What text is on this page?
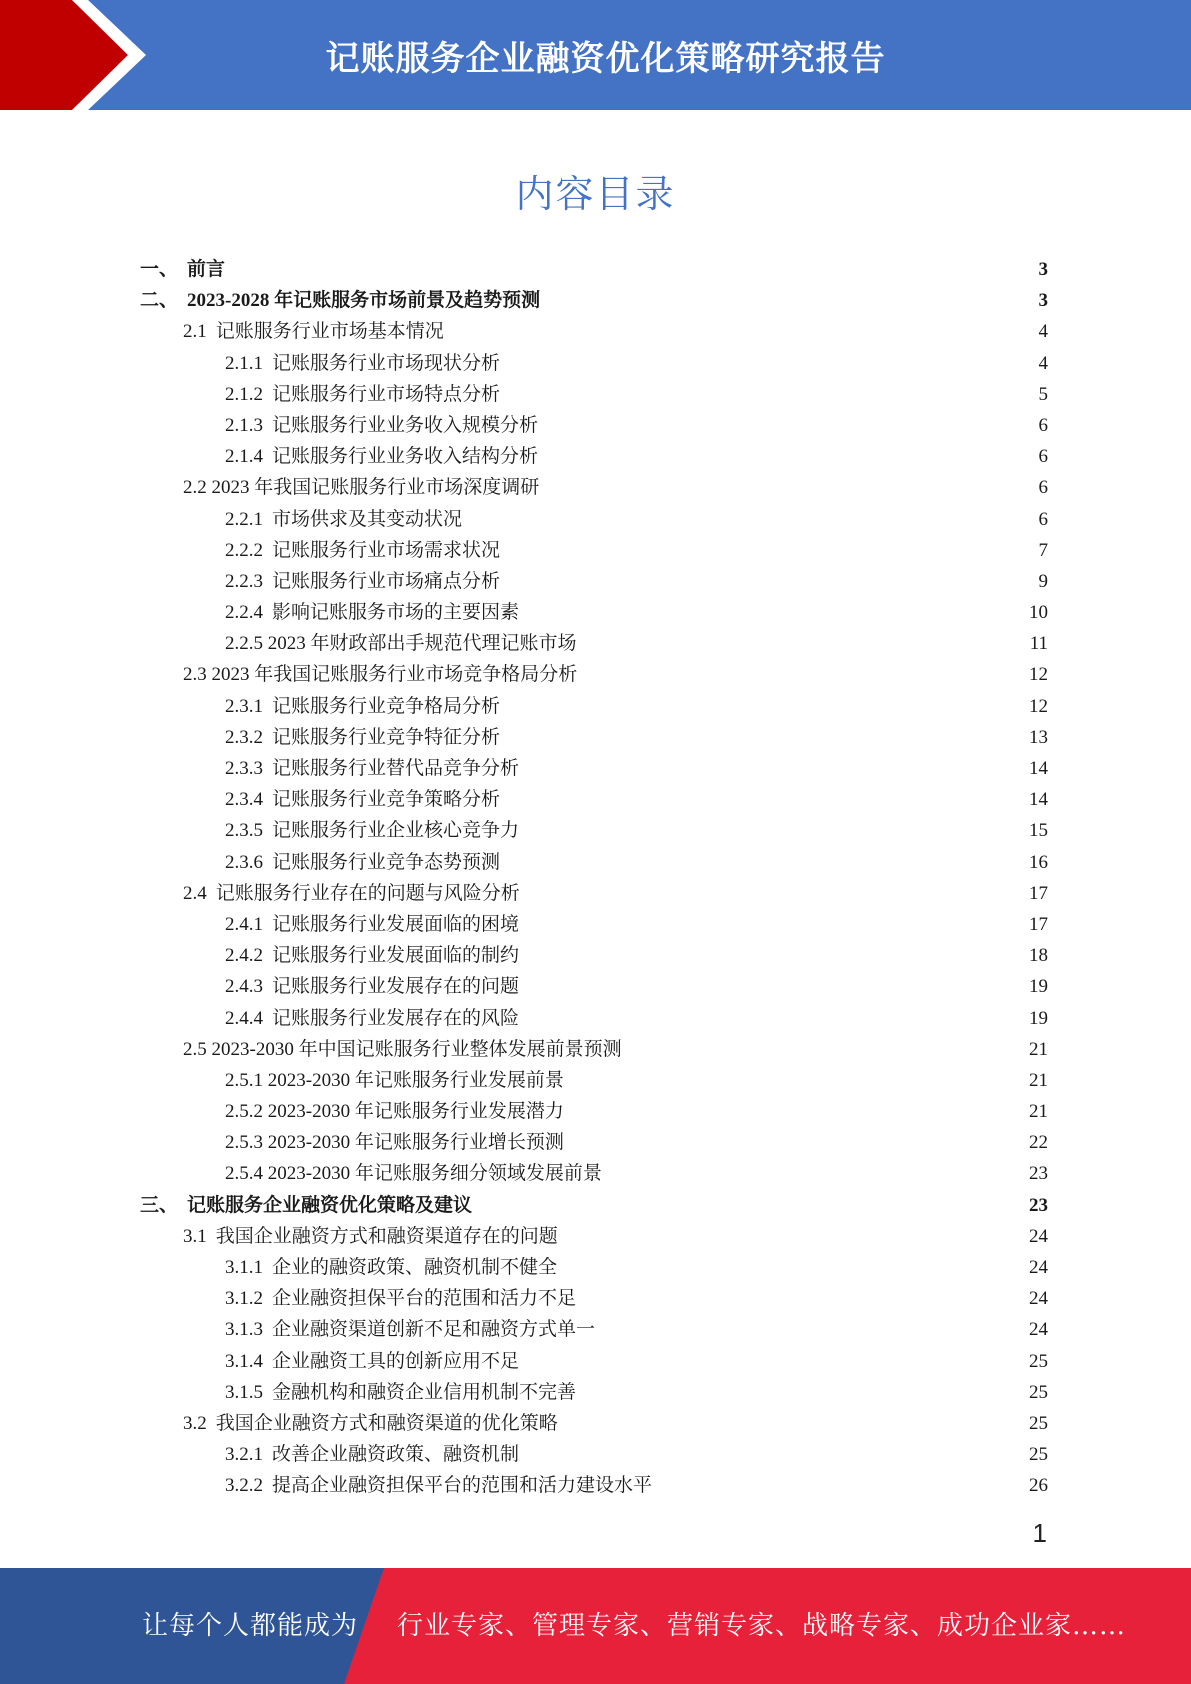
记账服务企业融资优化策略研究报告
内容目录
一、 前言	3
二、 2023-2028 年记账服务市场前景及趋势预测	3
2.1 记账服务行业市场基本情况	4
2.1.1 记账服务行业市场现状分析	4
2.1.2 记账服务行业市场特点分析	5
2.1.3 记账服务行业业务收入规模分析	6
2.1.4 记账服务行业业务收入结构分析	6
2.2 2023 年我国记账服务行业市场深度调研	6
2.2.1 市场供求及其变动状况	6
2.2.2 记账服务行业市场需求状况	7
2.2.3 记账服务行业市场痛点分析	9
2.2.4 影响记账服务市场的主要因素	10
2.2.5 2023 年财政部出手规范代理记账市场	11
2.3 2023 年我国记账服务行业市场竞争格局分析	12
2.3.1 记账服务行业竞争格局分析	12
2.3.2 记账服务行业竞争特征分析	13
2.3.3 记账服务行业替代品竞争分析	14
2.3.4 记账服务行业竞争策略分析	14
2.3.5 记账服务行业企业核心竞争力	15
2.3.6 记账服务行业竞争态势预测	16
2.4 记账服务行业存在的问题与风险分析	17
2.4.1 记账服务行业发展面临的困境	17
2.4.2 记账服务行业发展面临的制约	18
2.4.3 记账服务行业发展存在的问题	19
2.4.4 记账服务行业发展存在的风险	19
2.5 2023-2030 年中国记账服务行业整体发展前景预测	21
2.5.1 2023-2030 年记账服务行业发展前景	21
2.5.2 2023-2030 年记账服务行业发展潜力	21
2.5.3 2023-2030 年记账服务行业增长预测	22
2.5.4 2023-2030 年记账服务细分领域发展前景	23
三、 记账服务企业融资优化策略及建议	23
3.1 我国企业融资方式和融资渠道存在的问题	24
3.1.1 企业的融资政策、融资机制不健全	24
3.1.2 企业融资担保平台的范围和活力不足	24
3.1.3 企业融资渠道创新不足和融资方式单一	24
3.1.4 企业融资工具的创新应用不足	25
3.1.5 金融机构和融资企业信用机制不完善	25
3.2 我国企业融资方式和融资渠道的优化策略	25
3.2.1 改善企业融资政策、融资机制	25
3.2.2 提高企业融资担保平台的范围和活力建设水平	26
1
让每个人都能成为 行业专家、管理专家、营销专家、战略专家、成功企业家……
